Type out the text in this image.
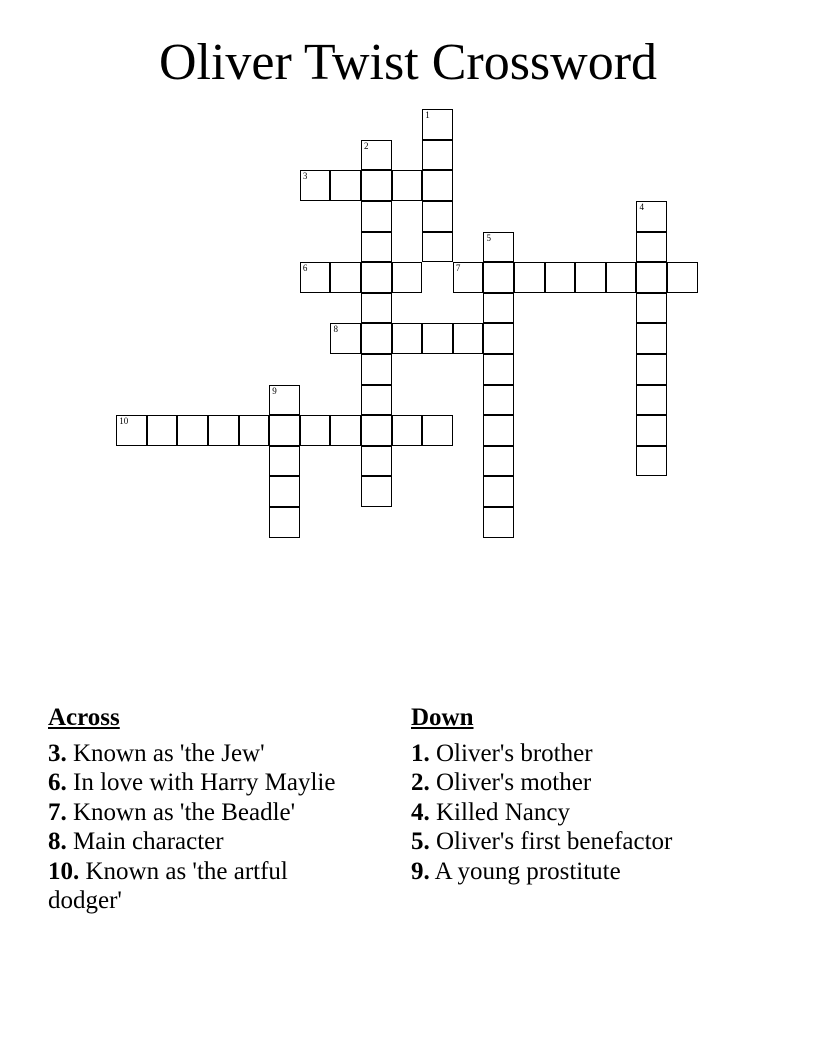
Oliver Twist Crossword
1
2
3
4
5
6	7
8
9
10
Across
3. Known as 'the Jew'
6. In love with Harry Maylie
7. Known as 'the Beadle'
8. Main character
10. Known as 'the artful dodger'
Down
1. Oliver's brother
2. Oliver's mother
4. Killed Nancy
5. Oliver's first benefactor
9. A young prostitute
